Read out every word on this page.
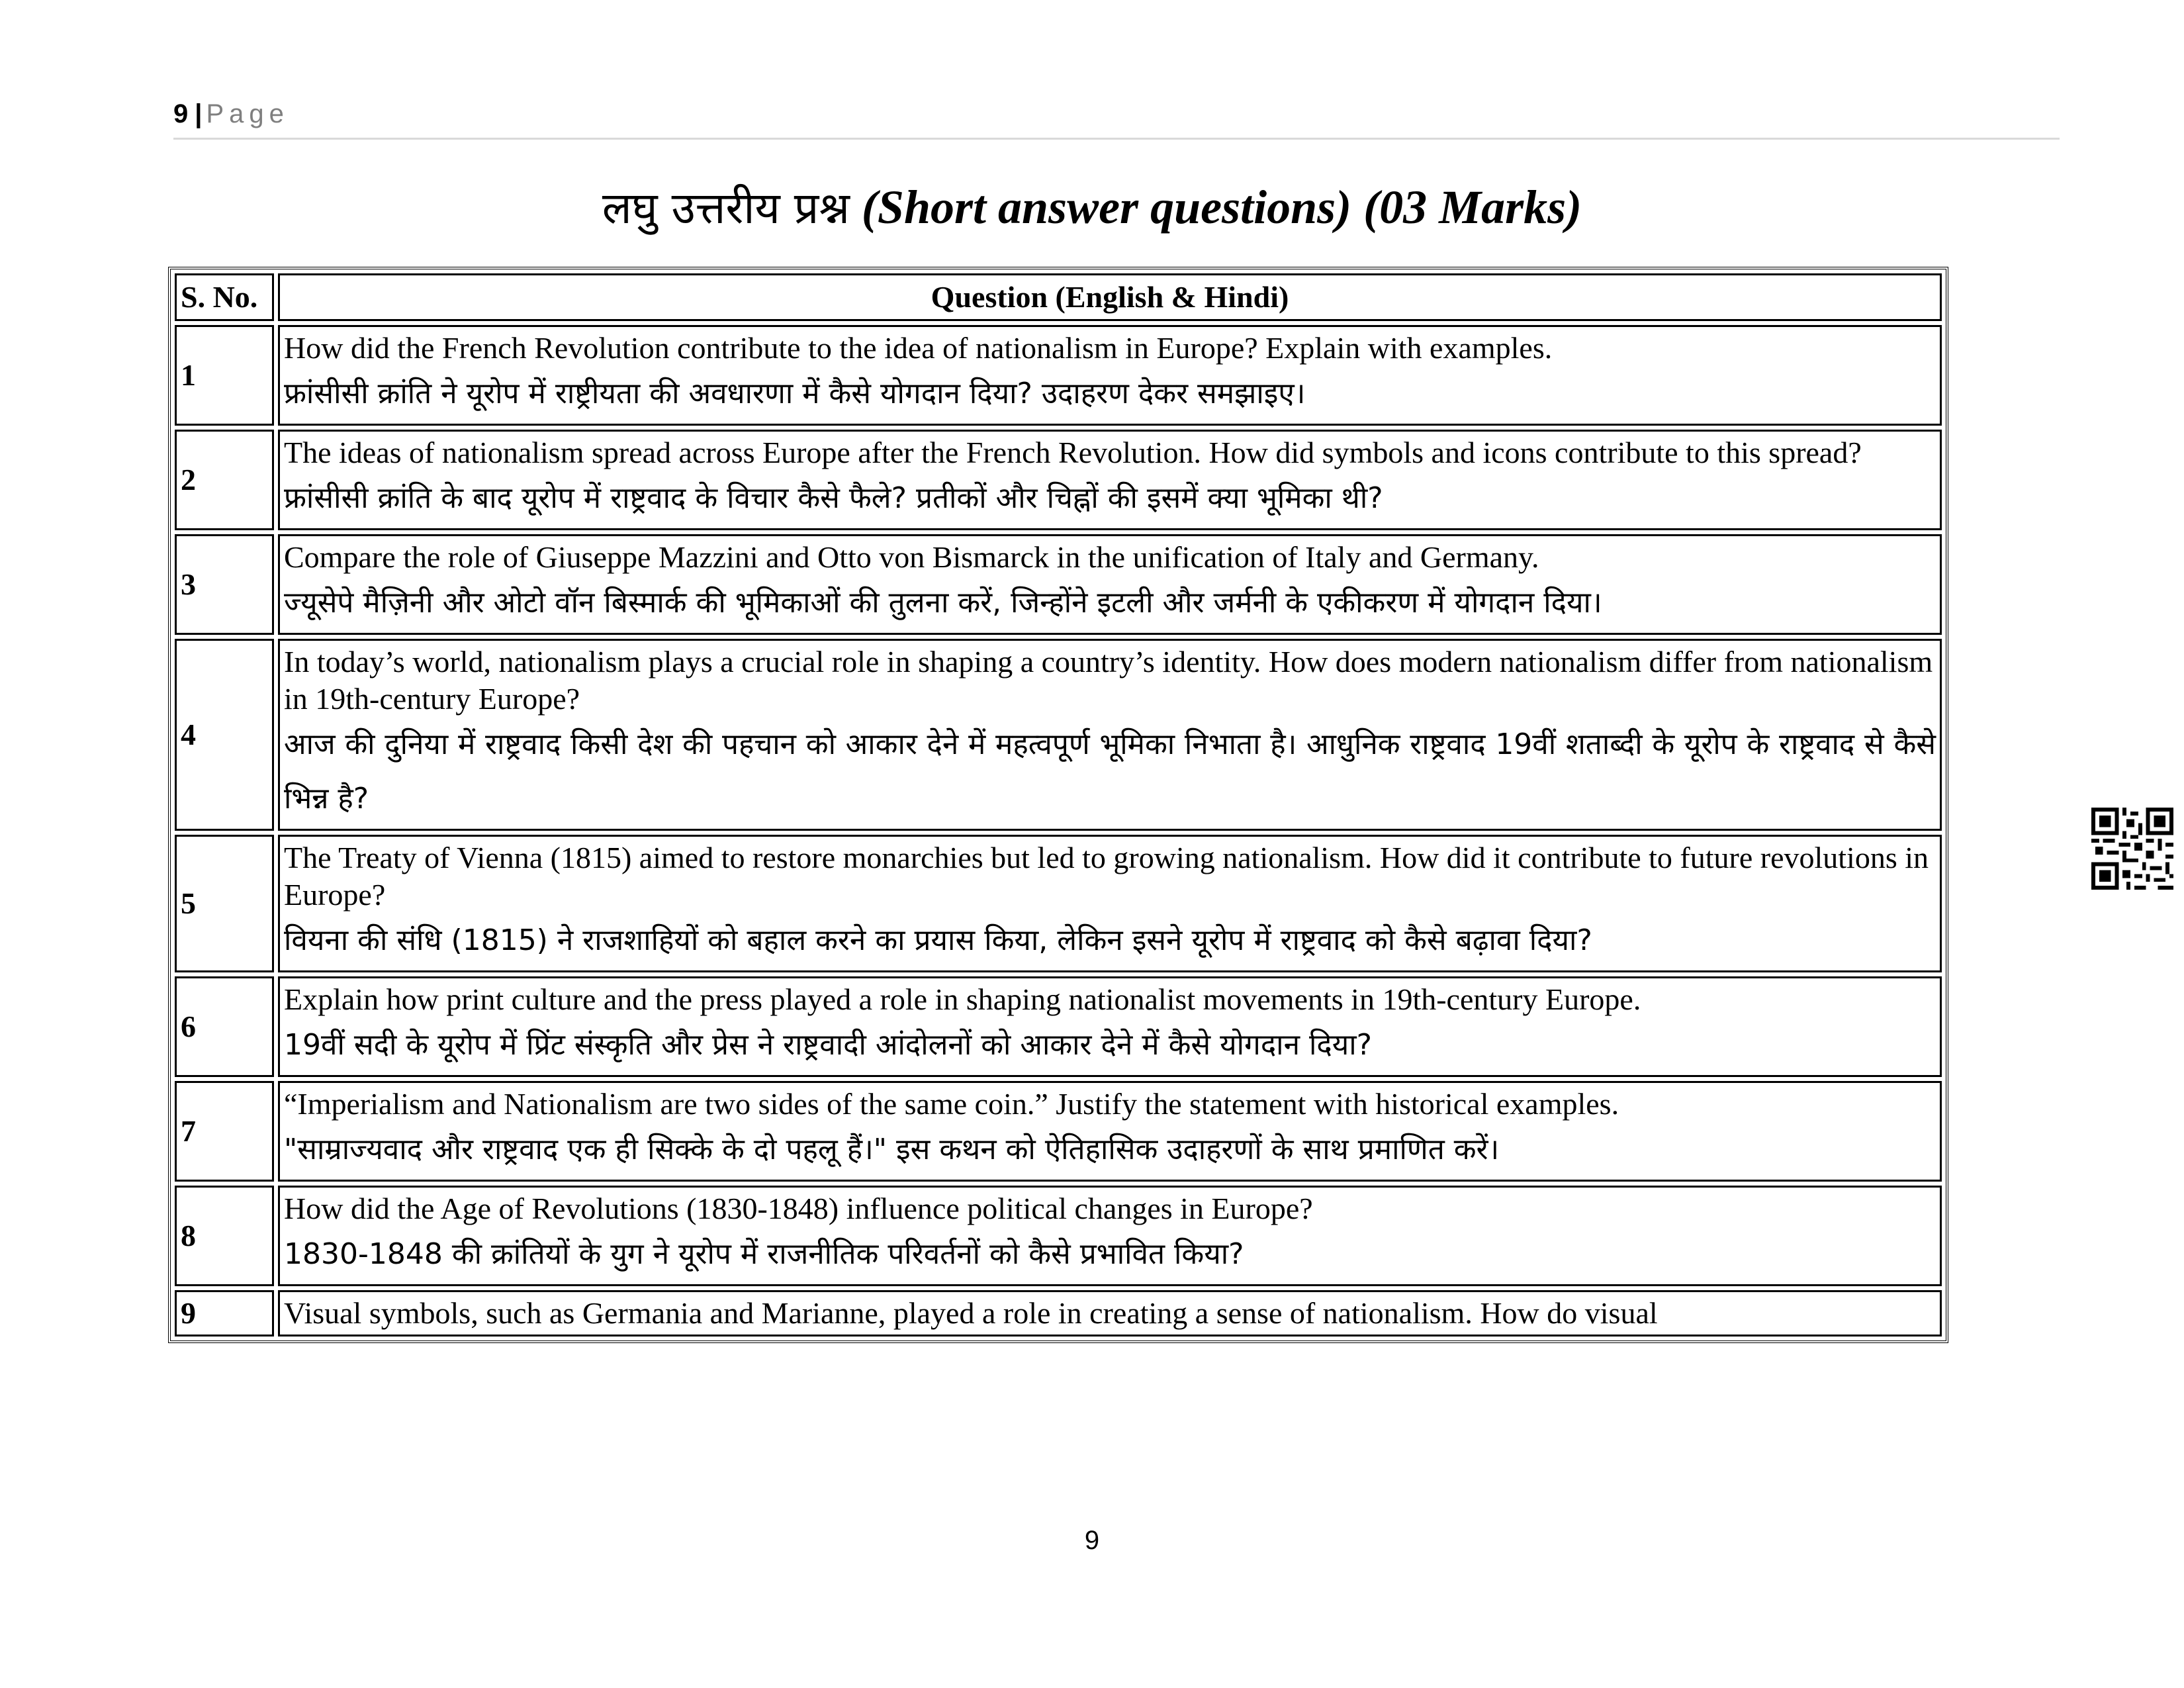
9 | Page
लघु उत्तरीय प्रश्न (Short answer questions) (03 Marks)
S. No.	Question (English & Hindi)
1	How did the French Revolution contribute to the idea of nationalism in Europe? Explain with examples.
फ्रांसीसी क्रांति ने यूरोप में राष्ट्रीयता की अवधारणा में कैसे योगदान दिया? उदाहरण देकर समझाइए।

2	The ideas of nationalism spread across Europe after the French Revolution. How did symbols and icons contribute to this spread?
फ्रांसीसी क्रांति के बाद यूरोप में राष्ट्रवाद के विचार कैसे फैले? प्रतीकों और चिह्नों की इसमें क्या भूमिका थी?

3	Compare the role of Giuseppe Mazzini and Otto von Bismarck in the unification of Italy and Germany.
ज्यूसेपे मैज़िनी और ओटो वॉन बिस्मार्क की भूमिकाओं की तुलना करें, जिन्होंने इटली और जर्मनी के एकीकरण में योगदान दिया।

4	In today’s world, nationalism plays a crucial role in shaping a country’s identity. How does modern nationalism differ from nationalism in 19th-century Europe?
आज की दुनिया में राष्ट्रवाद किसी देश की पहचान को आकार देने में महत्वपूर्ण भूमिका निभाता है। आधुनिक राष्ट्रवाद 19वीं शताब्दी के यूरोप के राष्ट्रवाद से कैसे भिन्न है?

5	The Treaty of Vienna (1815) aimed to restore monarchies but led to growing nationalism. How did it contribute to future revolutions in Europe?
वियना की संधि (1815) ने राजशाहियों को बहाल करने का प्रयास किया, लेकिन इसने यूरोप में राष्ट्रवाद को कैसे बढ़ावा दिया?

6	Explain how print culture and the press played a role in shaping nationalist movements in 19th-century Europe.
19वीं सदी के यूरोप में प्रिंट संस्कृति और प्रेस ने राष्ट्रवादी आंदोलनों को आकार देने में कैसे योगदान दिया?

7	“Imperialism and Nationalism are two sides of the same coin.” Justify the statement with historical examples.
"साम्राज्यवाद और राष्ट्रवाद एक ही सिक्के के दो पहलू हैं।" इस कथन को ऐतिहासिक उदाहरणों के साथ प्रमाणित करें।

8	How did the Age of Revolutions (1830-1848) influence political changes in Europe?
1830-1848 की क्रांतियों के युग ने यूरोप में राजनीतिक परिवर्तनों को कैसे प्रभावित किया?

9	Visual symbols, such as Germania and Marianne, played a role in creating a sense of nationalism. How do visual
9
